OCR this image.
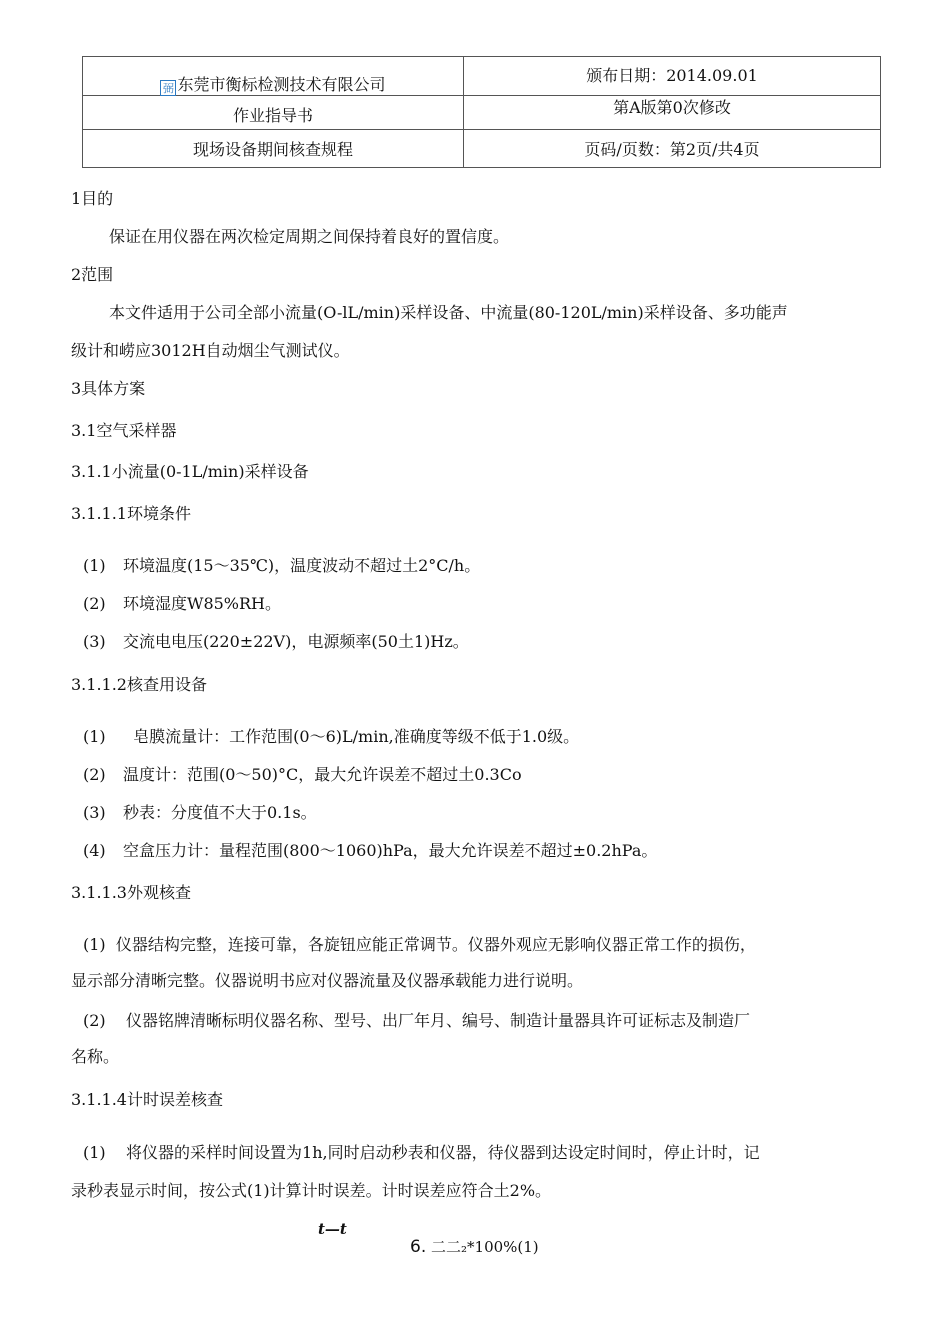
弼 东莞市衡标检测技术有限公司	颁布日期：2014.09.01
作业指导书	第A版第0次修改
现场设备期间核查规程	页码/页数：第2页/共4页
1目的
保证在用仪器在两次检定周期之间保持着良好的置信度。
2范围
本文件适用于公司全部小流量(O-lL/min)采样设备、中流量(80-120L/min)采样设备、多功能声
级计和崂应3012H自动烟尘气测试仪。
3具体方案
3.1空气采样器
3.1.1小流量(0-1L/min)采样设备
3.1.1.1环境条件
(1) 环境温度(15〜35℃)，温度波动不超过土2°C/h。
(2) 环境湿度W85%RH。
(3) 交流电电压(220±22V)，电源频率(50土1)Hz。
3.1.1.2核查用设备
(1)  皂膜流量计：工作范围(0〜6)L/min,准确度等级不低于1.0级。
(2) 温度计：范围(0〜50)°C，最大允许误差不超过土0.3Co
(3) 秒表：分度值不大于0.1s。
(4) 空盒压力计：量程范围(800〜1060)hPa，最大允许误差不超过±0.2hPa。
3.1.1.3外观核查
(1)  仪器结构完整，连接可靠，各旋钮应能正常调节。仪器外观应无影响仪器正常工作的损伤，
显示部分清晰完整。仪器说明书应对仪器流量及仪器承载能力进行说明。
(2)    仪器铭牌清晰标明仪器名称、型号、出厂年月、编号、制造计量器具许可证标志及制造厂
名称。
3.1.1.4计时误差核查
(1)    将仪器的采样时间设置为1h,同时启动秒表和仪器，待仪器到达设定时间时，停止计时，记
录秒表显示时间，按公式(1)计算计时误差。计时误差应符合土2%。
t—t
6. 二二₂*100%(1)
